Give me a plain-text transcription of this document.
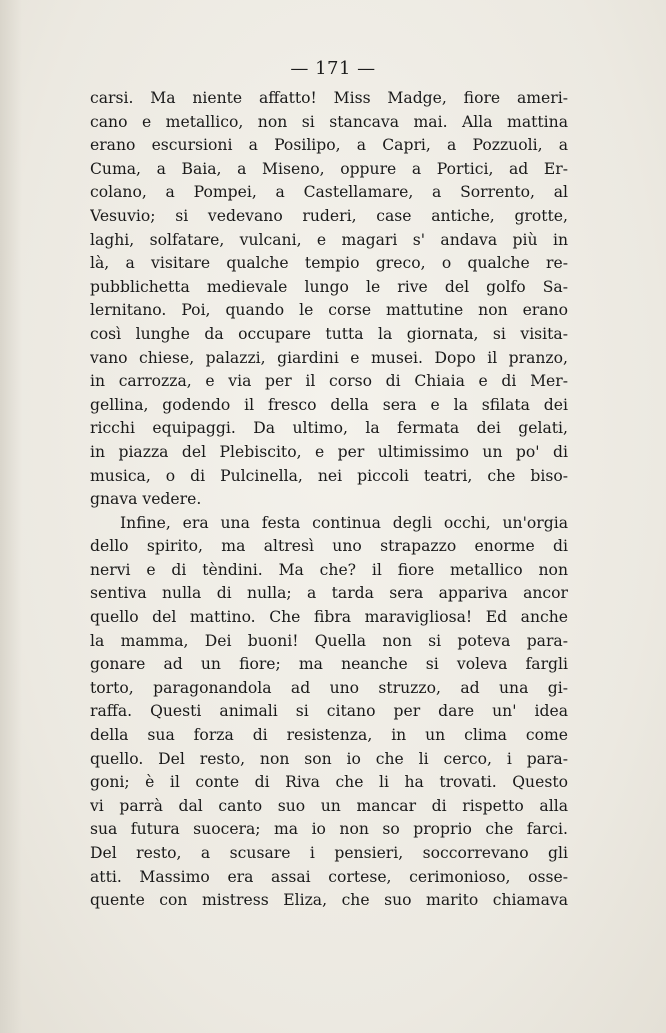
— 171 —
carsi. Ma niente affatto! Miss Madge, fiore ameri-
cano e metallico, non si stancava mai. Alla mattina
erano escursioni a Posilipo, a Capri, a Pozzuoli, a
Cuma, a Baia, a Miseno, oppure a Portici, ad Er-
colano, a Pompei, a Castellamare, a Sorrento, al
Vesuvio; si vedevano ruderi, case antiche, grotte,
laghi, solfatare, vulcani, e magari s' andava più in
là, a visitare qualche tempio greco, o qualche re-
pubblichetta medievale lungo le rive del golfo Sa-
lernitano. Poi, quando le corse mattutine non erano
così lunghe da occupare tutta la giornata, si visita-
vano chiese, palazzi, giardini e musei. Dopo il pranzo,
in carrozza, e via per il corso di Chiaia e di Mer-
gellina, godendo il fresco della sera e la sfilata dei
ricchi equipaggi. Da ultimo, la fermata dei gelati,
in piazza del Plebiscito, e per ultimissimo un po' di
musica, o di Pulcinella, nei piccoli teatri, che biso-
gnava vedere.
Infine, era una festa continua degli occhi, un'orgia
dello spirito, ma altresì uno strapazzo enorme di
nervi e di tèndini. Ma che? il fiore metallico non
sentiva nulla di nulla; a tarda sera appariva ancor
quello del mattino. Che fibra maravigliosa! Ed anche
la mamma, Dei buoni! Quella non si poteva para-
gonare ad un fiore; ma neanche si voleva fargli
torto, paragonandola ad uno struzzo, ad una gi-
raffa. Questi animali si citano per dare un' idea
della sua forza di resistenza, in un clima come
quello. Del resto, non son io che li cerco, i para-
goni; è il conte di Riva che li ha trovati. Questo
vi parrà dal canto suo un mancar di rispetto alla
sua futura suocera; ma io non so proprio che farci.
Del resto, a scusare i pensieri, soccorrevano gli
atti. Massimo era assai cortese, cerimonioso, osse-
quente con mistress Eliza, che suo marito chiamava
